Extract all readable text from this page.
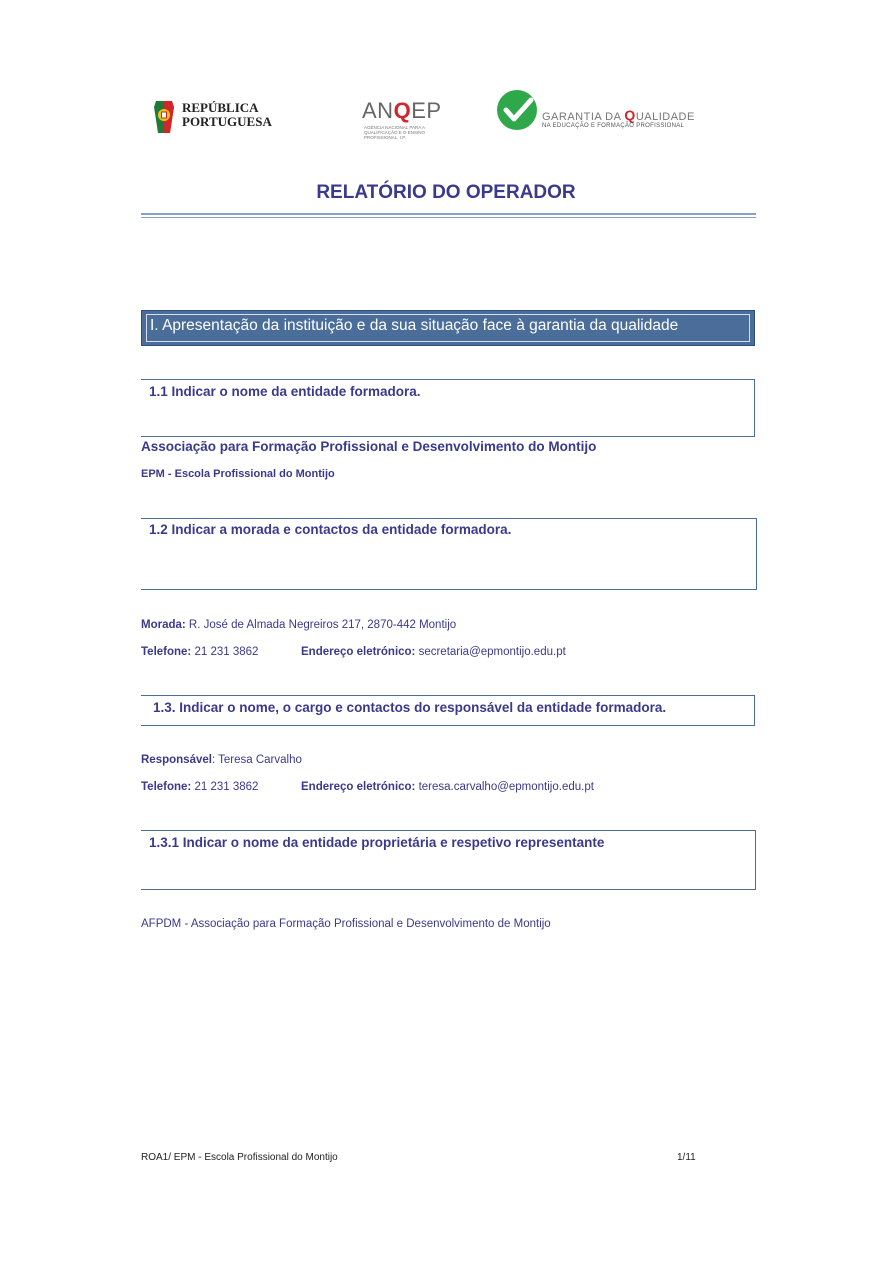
REPÚBLICA
PORTUGUESA	ANQEP
AGÊNCIA NACIONAL PARA A QUALIFICAÇÃO E O ENSINO PROFISSIONAL, I.P.
GARANTIA DA QUALIDADE
NA EDUCAÇÃO E FORMAÇÃO PROFISSIONAL
RELATÓRIO DO OPERADOR
I. Apresentação da instituição e da sua situação face à garantia da qualidade
1.1 Indicar o nome da entidade formadora.
Associação para Formação Profissional e Desenvolvimento do Montijo
EPM - Escola Profissional do Montijo
1.2 Indicar a morada e contactos da entidade formadora.
Morada: R. José de Almada Negreiros 217, 2870-442 Montijo
Telefone: 21 231 3862	Endereço eletrónico: secretaria@epmontijo.edu.pt
1.3. Indicar o nome, o cargo e contactos do responsável da entidade formadora.
Responsável: Teresa Carvalho
Telefone: 21 231 3862	Endereço eletrónico: teresa.carvalho@epmontijo.edu.pt
1.3.1 Indicar o nome da entidade proprietária e respetivo representante
AFPDM - Associação para Formação Profissional e Desenvolvimento de Montijo
ROA1/ EPM - Escola Profissional do Montijo	1/11
